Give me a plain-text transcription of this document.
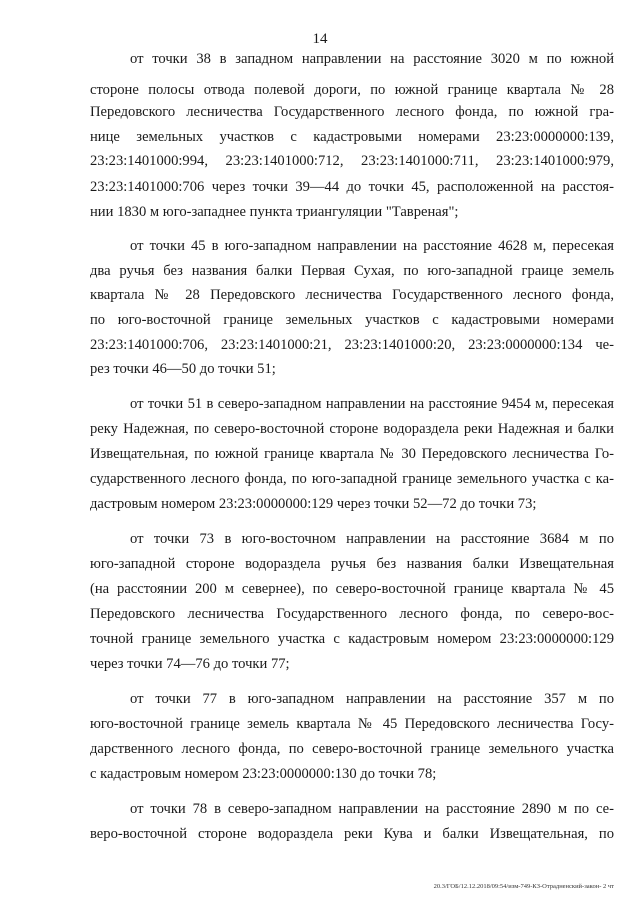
14
от точки 38 в западном направлении на расстояние 3020 м по южной
стороне полосы отвода полевой дороги, по южной границе квартала № 28
Передовского лесничества Государственного лесного фонда, по южной гра-
нице земельных участков с кадастровыми номерами 23:23:0000000:139,
23:23:1401000:994, 23:23:1401000:712, 23:23:1401000:711, 23:23:1401000:979,
23:23:1401000:706 через точки 39—44 до точки 45, расположенной на расстоя-
нии 1830 м юго-западнее пункта триангуляции "Тавреная";
от точки 45 в юго-западном направлении на расстояние 4628 м, пересекая
два ручья без названия балки Первая Сухая, по юго-западной граице земель
квартала № 28 Передовского лесничества Государственного лесного фонда,
по юго-восточной границе земельных участков с кадастровыми номерами
23:23:1401000:706, 23:23:1401000:21, 23:23:1401000:20, 23:23:0000000:134 че-
рез точки 46—50 до точки 51;
от точки 51 в северо-западном направлении на расстояние 9454 м, пересекая
реку Надежная, по северо-восточной стороне водораздела реки Надежная и балки
Извещательная, по южной границе квартала № 30 Передовского лесничества Го-
сударственного лесного фонда, по юго-западной границе земельного участка с ка-
дастровым номером 23:23:0000000:129 через точки 52—72 до точки 73;
от точки 73 в юго-восточном направлении на расстояние 3684 м по
юго-западной стороне водораздела ручья без названия балки Извещательная
(на расстоянии 200 м севернее), по северо-восточной границе квартала № 45
Передовского лесничества Государственного лесного фонда, по северо-вос-
точной границе земельного участка с кадастровым номером 23:23:0000000:129
через точки 74—76 до точки 77;
от точки 77 в юго-западном направлении на расстояние 357 м по
юго-восточной границе земель квартала № 45 Передовского лесничества Госу-
дарственного лесного фонда, по северо-восточной границе земельного участка
с кадастровым номером 23:23:0000000:130 до точки 78;
от точки 78 в северо-западном направлении на расстояние 2890 м по се-
веро-восточной стороне водораздела реки Кува и балки Извещательная, по
20.3/ГОБ/12.12.2018/09:54/изм-749-КЗ-Отрадненский-закон- 2 чт
